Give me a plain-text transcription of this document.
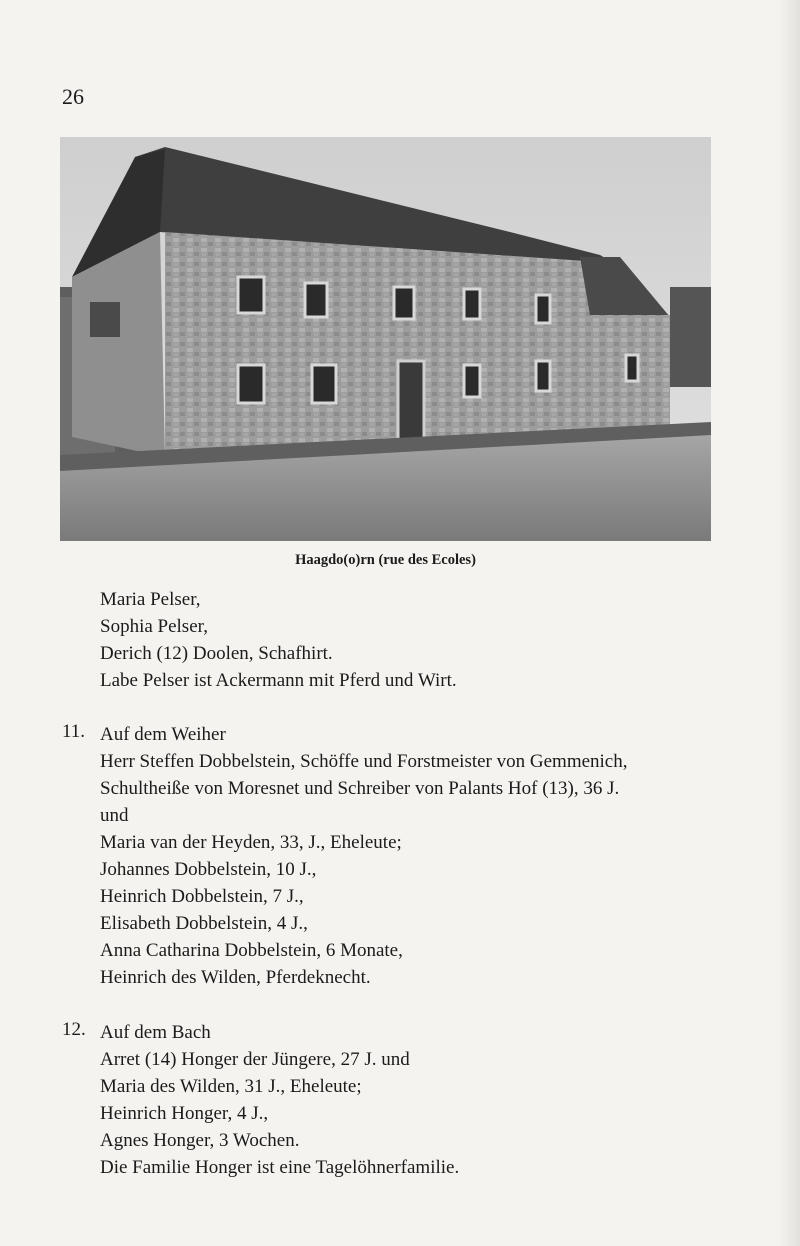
26
Haagdo(o)rn (rue des Ecoles)
Maria Pelser,
Sophia Pelser,
Derich (12) Doolen, Schafhirt.
Labe Pelser ist Ackermann mit Pferd und Wirt.
11. Auf dem Weiher
Herr Steffen Dobbelstein, Schöffe und Forstmeister von Gemmenich,
Schultheiße von Moresnet und Schreiber von Palants Hof (13), 36 J.
und
Maria van der Heyden, 33, J., Eheleute;
Johannes Dobbelstein, 10 J.,
Heinrich Dobbelstein, 7 J.,
Elisabeth Dobbelstein, 4 J.,
Anna Catharina Dobbelstein, 6 Monate,
Heinrich des Wilden, Pferdeknecht.
12. Auf dem Bach
Arret (14) Honger der Jüngere, 27 J. und
Maria des Wilden, 31 J., Eheleute;
Heinrich Honger, 4 J.,
Agnes Honger, 3 Wochen.
Die Familie Honger ist eine Tagelöhnerfamilie.
